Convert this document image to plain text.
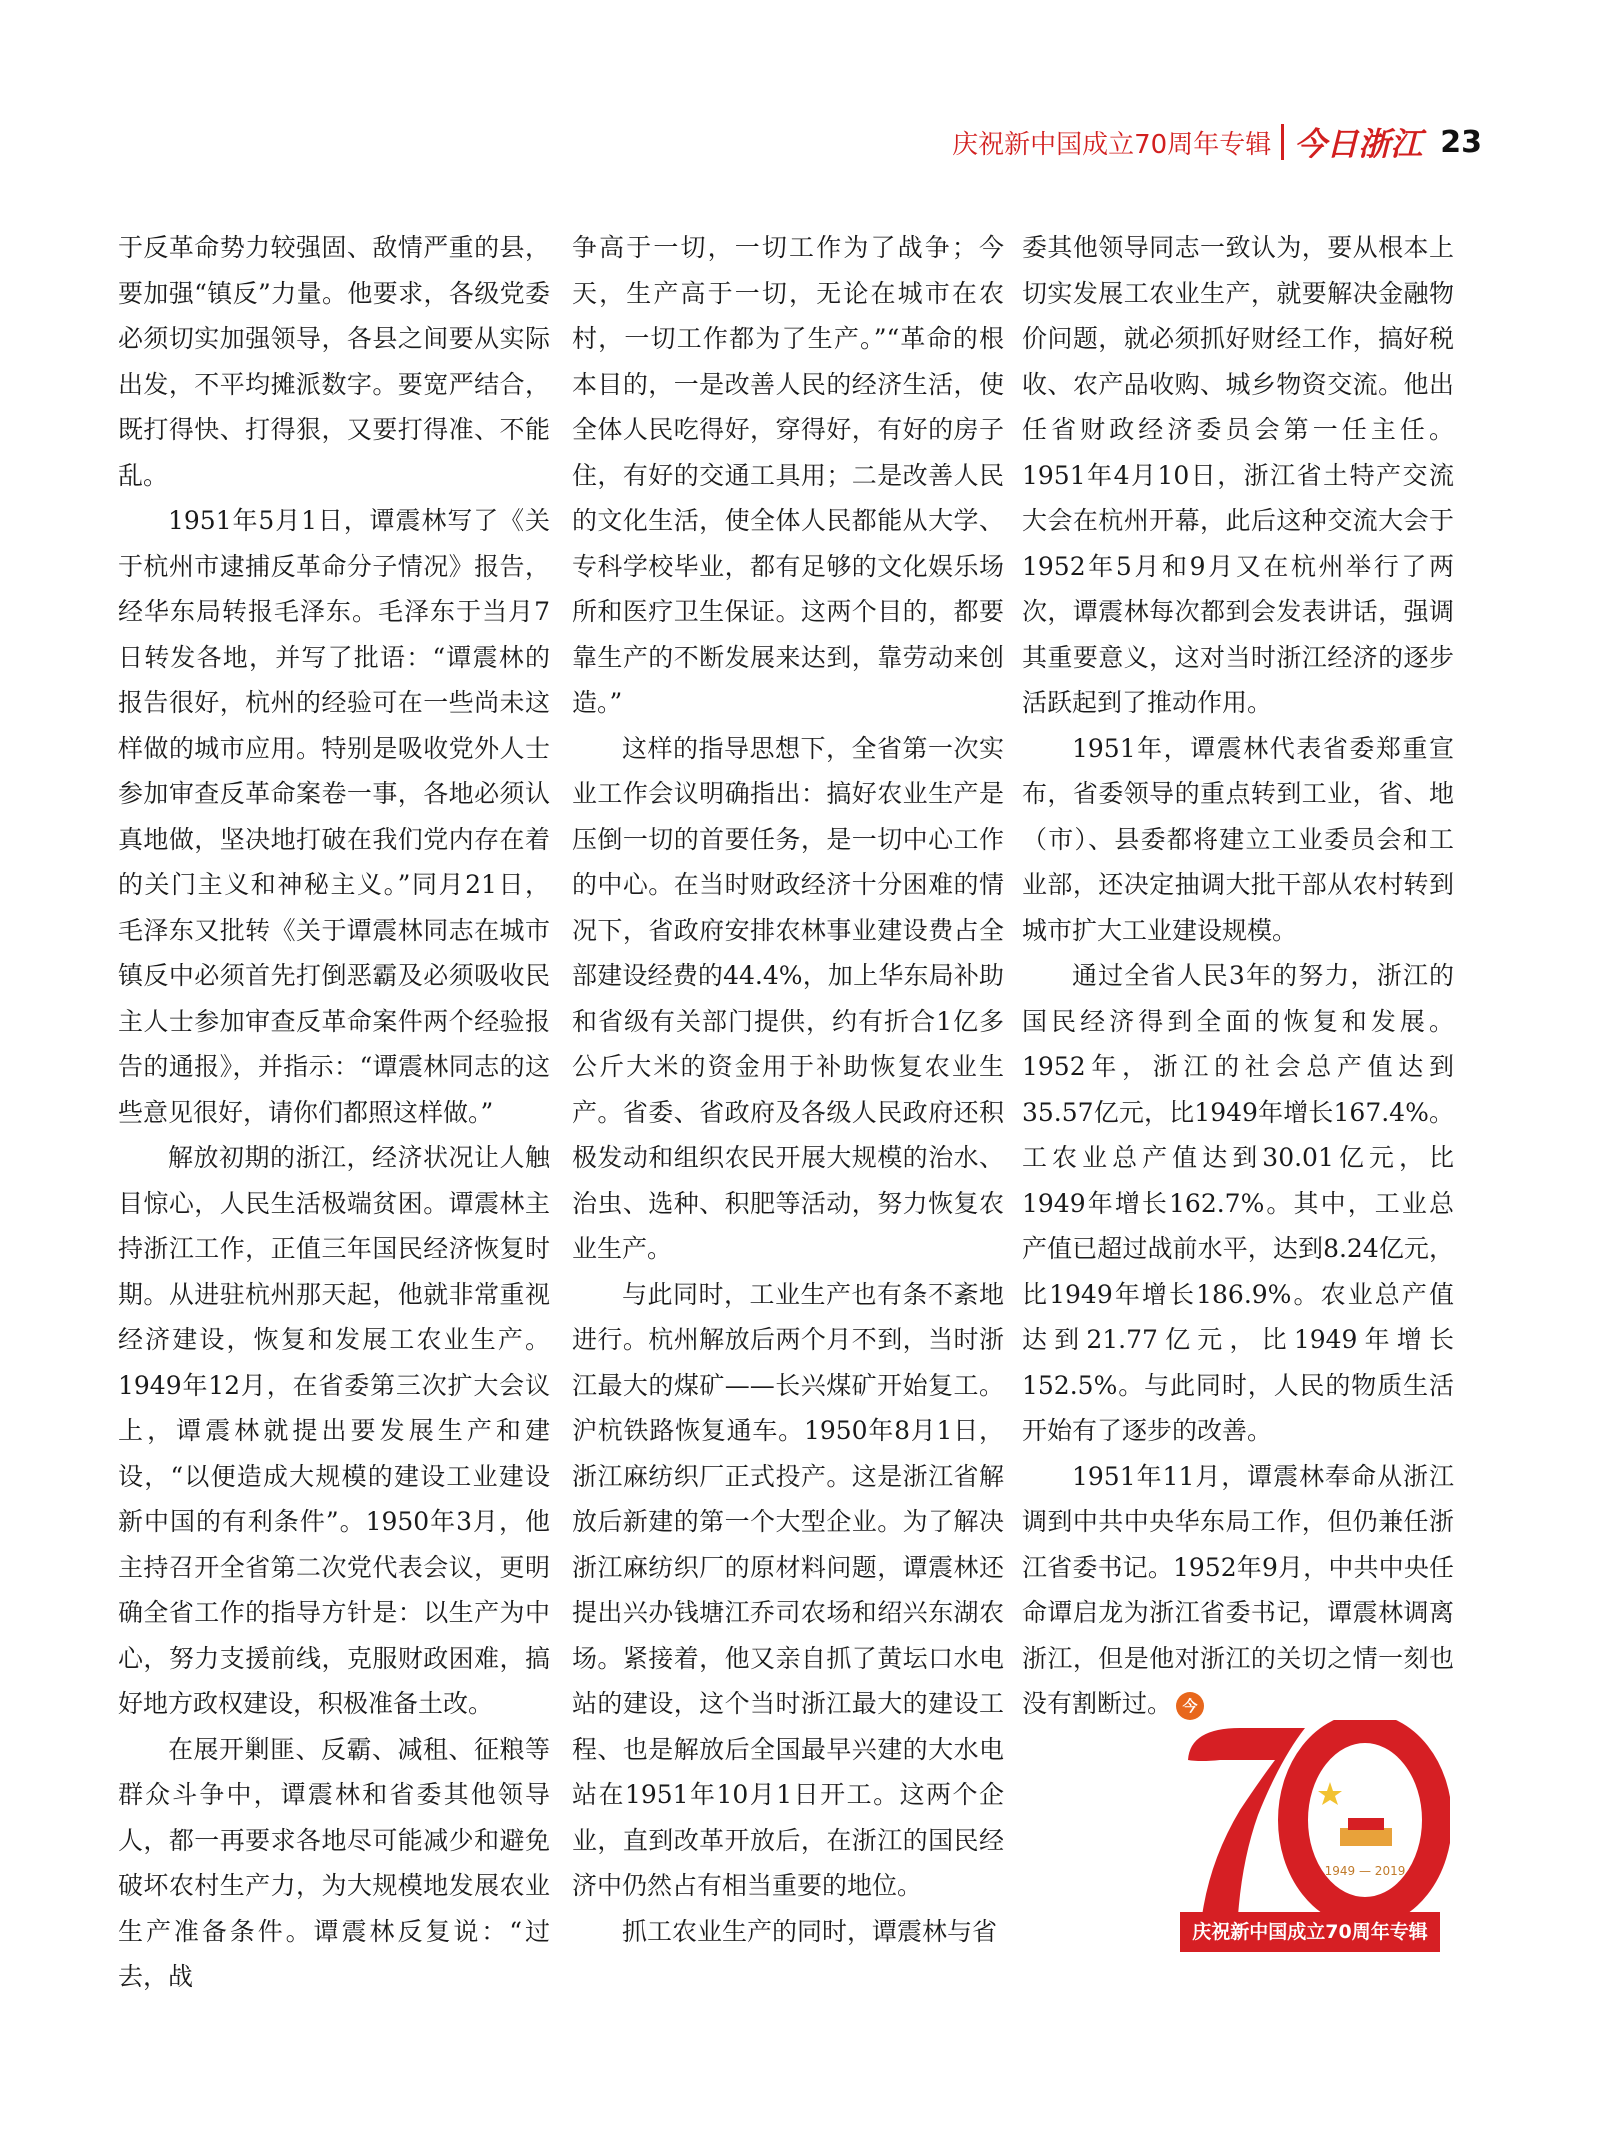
庆祝新中国成立70周年专辑 今日浙江 23

于反革命势力较强固、敌情严重的县，要加强“镇反”力量。他要求，各级党委必须切实加强领导，各县之间要从实际出发，不平均摊派数字。要宽严结合，既打得快、打得狠，又要打得准、不能乱。

1951年5月1日，谭震林写了《关于杭州市逮捕反革命分子情况》报告，经华东局转报毛泽东。毛泽东于当月7日转发各地，并写了批语：“谭震林的报告很好，杭州的经验可在一些尚未这样做的城市应用。特别是吸收党外人士参加审查反革命案卷一事，各地必须认真地做，坚决地打破在我们党内存在着的关门主义和神秘主义。”同月21日，毛泽东又批转《关于谭震林同志在城市镇反中必须首先打倒恶霸及必须吸收民主人士参加审查反革命案件两个经验报告的通报》，并指示：“谭震林同志的这些意见很好，请你们都照这样做。”

解放初期的浙江，经济状况让人触目惊心，人民生活极端贫困。谭震林主持浙江工作，正值三年国民经济恢复时期。从进驻杭州那天起，他就非常重视经济建设，恢复和发展工农业生产。1949年12月，在省委第三次扩大会议上，谭震林就提出要发展生产和建设，“以便造成大规模的建设工业建设新中国的有利条件”。1950年3月，他主持召开全省第二次党代表会议，更明确全省工作的指导方针是：以生产为中心，努力支援前线，克服财政困难，搞好地方政权建设，积极准备土改。

在展开剿匪、反霸、减租、征粮等群众斗争中，谭震林和省委其他领导人，都一再要求各地尽可能减少和避免破坏农村生产力，为大规模地发展农业生产准备条件。谭震林反复说：“过去，战

争高于一切，一切工作为了战争；今天，生产高于一切，无论在城市在农村，一切工作都为了生产。”“革命的根本目的，一是改善人民的经济生活，使全体人民吃得好，穿得好，有好的房子住，有好的交通工具用；二是改善人民的文化生活，使全体人民都能从大学、专科学校毕业，都有足够的文化娱乐场所和医疗卫生保证。这两个目的，都要靠生产的不断发展来达到，靠劳动来创造。”

这样的指导思想下，全省第一次实业工作会议明确指出：搞好农业生产是压倒一切的首要任务，是一切中心工作的中心。在当时财政经济十分困难的情况下，省政府安排农林事业建设费占全部建设经费的44.4%，加上华东局补助和省级有关部门提供，约有折合1亿多公斤大米的资金用于补助恢复农业生产。省委、省政府及各级人民政府还积极发动和组织农民开展大规模的治水、治虫、选种、积肥等活动，努力恢复农业生产。

与此同时，工业生产也有条不紊地进行。杭州解放后两个月不到，当时浙江最大的煤矿——长兴煤矿开始复工。沪杭铁路恢复通车。1950年8月1日，浙江麻纺织厂正式投产。这是浙江省解放后新建的第一个大型企业。为了解决浙江麻纺织厂的原材料问题，谭震林还提出兴办钱塘江乔司农场和绍兴东湖农场。紧接着，他又亲自抓了黄坛口水电站的建设，这个当时浙江最大的建设工程、也是解放后全国最早兴建的大水电站在1951年10月1日开工。这两个企业，直到改革开放后，在浙江的国民经济中仍然占有相当重要的地位。

抓工农业生产的同时，谭震林与省

委其他领导同志一致认为，要从根本上切实发展工农业生产，就要解决金融物价问题，就必须抓好财经工作，搞好税收、农产品收购、城乡物资交流。他出任省财政经济委员会第一任主任。1951年4月10日，浙江省土特产交流大会在杭州开幕，此后这种交流大会于1952年5月和9月又在杭州举行了两次，谭震林每次都到会发表讲话，强调其重要意义，这对当时浙江经济的逐步活跃起到了推动作用。

1951年，谭震林代表省委郑重宣布，省委领导的重点转到工业，省、地（市）、县委都将建立工业委员会和工业部，还决定抽调大批干部从农村转到城市扩大工业建设规模。

通过全省人民3年的努力，浙江的国民经济得到全面的恢复和发展。1952年，浙江的社会总产值达到35.57亿元，比1949年增长167.4%。工农业总产值达到30.01亿元，比1949年增长162.7%。其中，工业总产值已超过战前水平，达到8.24亿元，比1949年增长186.9%。农业总产值达到21.77亿元，比1949年增长152.5%。与此同时，人民的物质生活开始有了逐步的改善。

1951年11月，谭震林奉命从浙江调到中共中央华东局工作，但仍兼任浙江省委书记。1952年9月，中共中央任命谭启龙为浙江省委书记，谭震林调离浙江，但是他对浙江的关切之情一刻也没有割断过。 今

1949 — 2019
庆祝新中国成立70周年专辑
